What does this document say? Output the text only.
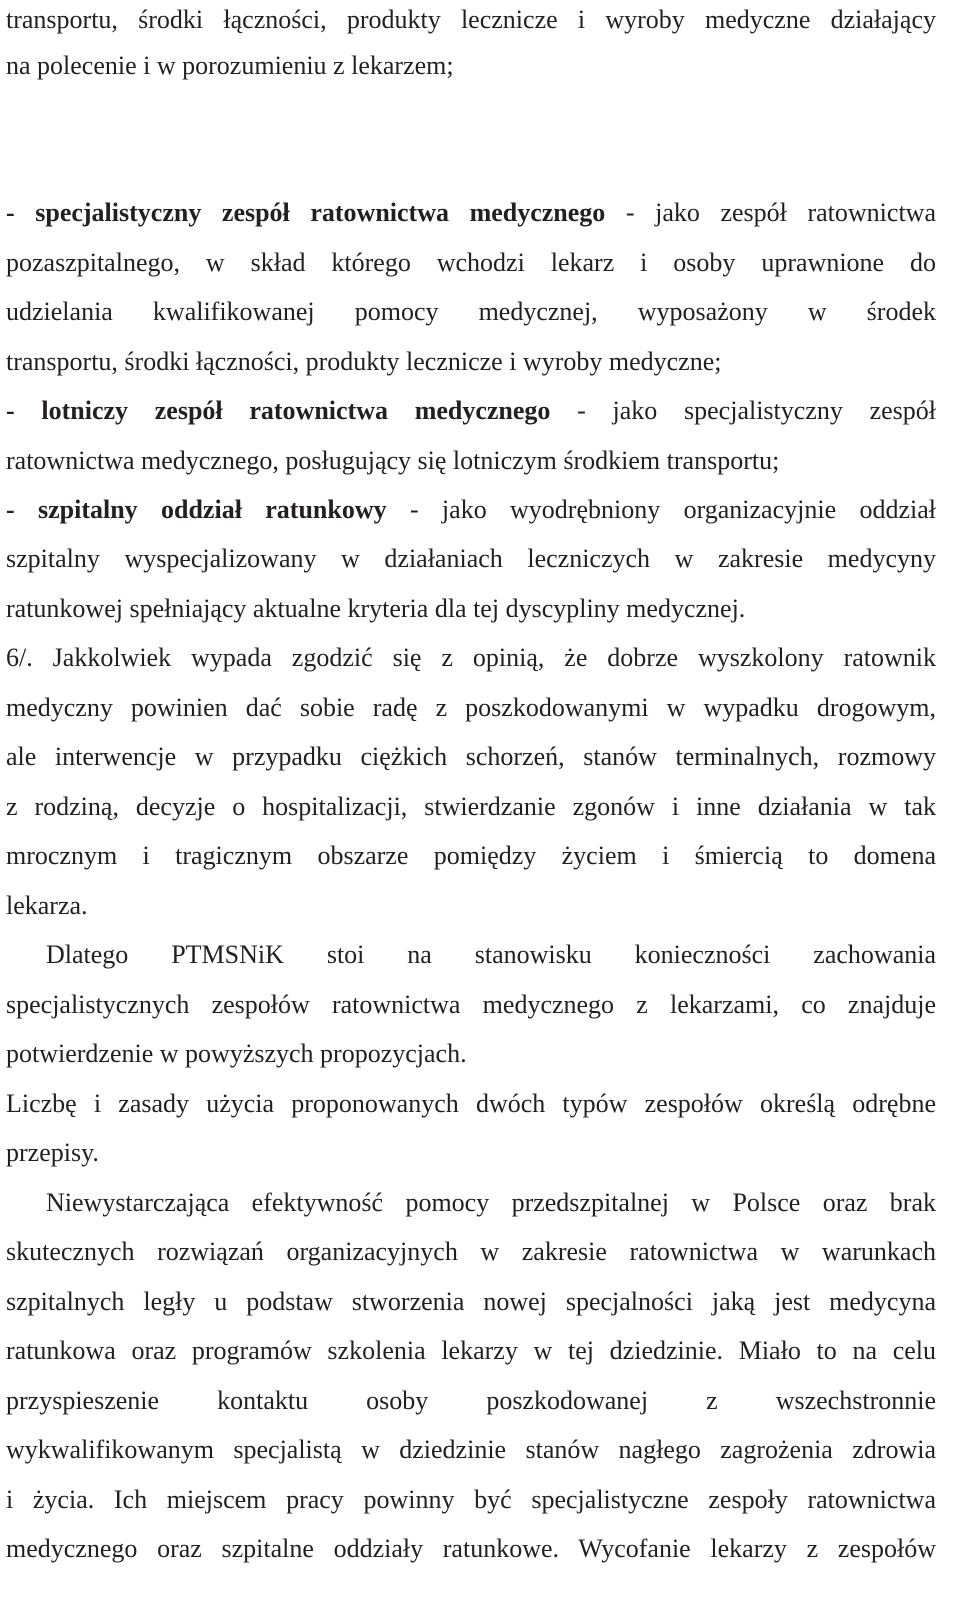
transportu, środki łączności, produkty lecznicze i wyroby medyczne działający
na polecenie i w porozumieniu z lekarzem;
- specjalistyczny zespół ratownictwa medycznego - jako zespół ratownictwa
pozaszpitalnego, w skład którego wchodzi lekarz i osoby uprawnione do
udzielania kwalifikowanej pomocy medycznej, wyposażony w środek
transportu, środki łączności, produkty lecznicze i wyroby medyczne;
- lotniczy zespół ratownictwa medycznego - jako specjalistyczny zespół
ratownictwa medycznego, posługujący się lotniczym środkiem transportu;
- szpitalny oddział ratunkowy - jako wyodrębniony organizacyjnie oddział
szpitalny wyspecjalizowany w działaniach leczniczych w zakresie medycyny
ratunkowej spełniający aktualne kryteria dla tej dyscypliny medycznej.
6/. Jakkolwiek wypada zgodzić się z opinią, że dobrze wyszkolony ratownik
medyczny powinien dać sobie radę z poszkodowanymi w wypadku drogowym,
ale interwencje w przypadku ciężkich schorzeń, stanów terminalnych, rozmowy
z rodziną, decyzje o hospitalizacji, stwierdzanie zgonów i inne działania w tak
mrocznym i tragicznym obszarze pomiędzy życiem i śmiercią to domena
lekarza.
Dlatego PTMSNiK stoi na stanowisku konieczności zachowania
specjalistycznych zespołów ratownictwa medycznego z lekarzami, co znajduje
potwierdzenie w powyższych propozycjach.
Liczbę i zasady użycia proponowanych dwóch typów zespołów określą odrębne
przepisy.
Niewystarczająca efektywność pomocy przedszpitalnej w Polsce oraz brak
skutecznych rozwiązań organizacyjnych w zakresie ratownictwa w warunkach
szpitalnych legły u podstaw stworzenia nowej specjalności jaką jest medycyna
ratunkowa oraz programów szkolenia lekarzy w tej dziedzinie. Miało to na celu
przyspieszenie kontaktu osoby poszkodowanej z wszechstronnie
wykwalifikowanym specjalistą w dziedzinie stanów nagłego zagrożenia zdrowia
i życia. Ich miejscem pracy powinny być specjalistyczne zespoły ratownictwa
medycznego oraz szpitalne oddziały ratunkowe. Wycofanie lekarzy z zespołów
